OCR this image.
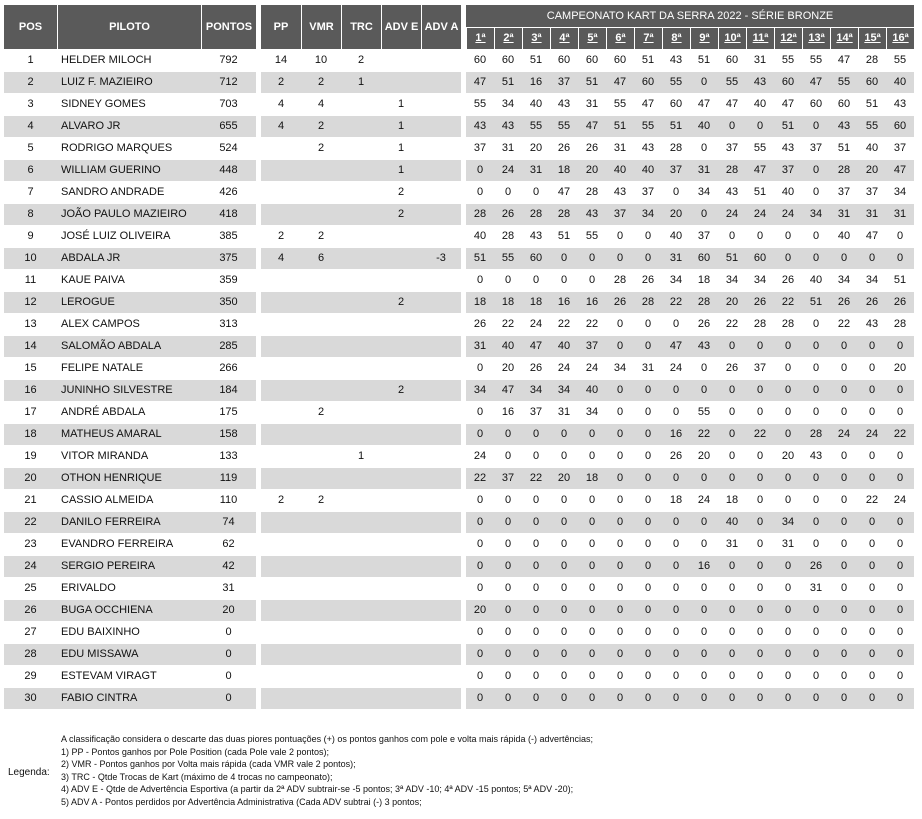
POS	PILOTO	PONTOS		PP	VMR	TRC	ADV E	ADV A		CAMPEONATO KART DA SERRA 2022 - SÉRIE BRONZE															
										1ª	2ª	3ª	4ª	5ª	6ª	7ª	8ª	9ª	10ª	11ª	12ª	13ª	14ª	15ª	16ª
1	HELDER MILOCH	792		14	10	2				60	60	51	60	60	60	51	43	51	60	31	55	55	47	28	55
2	LUIZ F. MAZIEIRO	712		2	2	1				47	51	16	37	51	47	60	55	0	55	43	60	47	55	60	40
3	SIDNEY GOMES	703		4	4		1			55	34	40	43	31	55	47	60	47	47	40	47	60	60	51	43
4	ALVARO JR	655		4	2		1			43	43	55	55	47	51	55	51	40	0	0	51	0	43	55	60
5	RODRIGO MARQUES	524			2		1			37	31	20	26	26	31	43	28	0	37	55	43	37	51	40	37
6	WILLIAM GUERINO	448					1			0	24	31	18	20	40	40	37	31	28	47	37	0	28	20	47
7	SANDRO ANDRADE	426					2			0	0	0	47	28	43	37	0	34	43	51	40	0	37	37	34
8	JOÃO PAULO MAZIEIRO	418					2			28	26	28	28	43	37	34	20	0	24	24	24	34	31	31	31
9	JOSÉ LUIZ OLIVEIRA	385		2	2					40	28	43	51	55	0	0	40	37	0	0	0	0	40	47	0
10	ABDALA JR	375		4	6			-3		51	55	60	0	0	0	0	31	60	51	60	0	0	0	0	0
11	KAUE PAIVA	359								0	0	0	0	0	28	26	34	18	34	34	26	40	34	34	51
12	LEROGUE	350					2			18	18	18	16	16	26	28	22	28	20	26	22	51	26	26	26
13	ALEX CAMPOS	313								26	22	24	22	22	0	0	0	26	22	28	28	0	22	43	28
14	SALOMÃO ABDALA	285								31	40	47	40	37	0	0	47	43	0	0	0	0	0	0	0
15	FELIPE NATALE	266								0	20	26	24	24	34	31	24	0	26	37	0	0	0	0	20
16	JUNINHO SILVESTRE	184					2			34	47	34	34	40	0	0	0	0	0	0	0	0	0	0	0
17	ANDRÉ ABDALA	175			2					0	16	37	31	34	0	0	0	55	0	0	0	0	0	0	0
18	MATHEUS AMARAL	158								0	0	0	0	0	0	0	16	22	0	22	0	28	24	24	22
19	VITOR MIRANDA	133				1				24	0	0	0	0	0	0	26	20	0	0	20	43	0	0	0
20	OTHON HENRIQUE	119								22	37	22	20	18	0	0	0	0	0	0	0	0	0	0	0
21	CASSIO ALMEIDA	110		2	2					0	0	0	0	0	0	0	18	24	18	0	0	0	0	22	24
22	DANILO FERREIRA	74								0	0	0	0	0	0	0	0	0	40	0	34	0	0	0	0
23	EVANDRO FERREIRA	62								0	0	0	0	0	0	0	0	0	31	0	31	0	0	0	0
24	SERGIO PEREIRA	42								0	0	0	0	0	0	0	0	16	0	0	0	26	0	0	0
25	ERIVALDO	31								0	0	0	0	0	0	0	0	0	0	0	0	31	0	0	0
26	BUGA OCCHIENA	20								20	0	0	0	0	0	0	0	0	0	0	0	0	0	0	0
27	EDU BAIXINHO	0								0	0	0	0	0	0	0	0	0	0	0	0	0	0	0	0
28	EDU MISSAWA	0								0	0	0	0	0	0	0	0	0	0	0	0	0	0	0	0
29	ESTEVAM VIRAGT	0								0	0	0	0	0	0	0	0	0	0	0	0	0	0	0	0
30	FABIO CINTRA	0								0	0	0	0	0	0	0	0	0	0	0	0	0	0	0	0
Legenda:
A classificação considera o descarte das duas piores pontuações (+) os pontos ganhos com pole e volta mais rápida (-) advertências;
1) PP - Pontos ganhos por Pole Position (cada Pole vale 2 pontos);
2) VMR - Pontos ganhos por Volta mais rápida (cada VMR vale 2 pontos);
3) TRC - Qtde Trocas de Kart (máximo de 4 trocas no campeonato);
4) ADV E - Qtde de Advertência Esportiva (a partir da 2ª ADV subtrair-se -5 pontos; 3ª ADV -10; 4ª ADV -15 pontos; 5ª ADV -20);
5) ADV A - Pontos perdidos por Advertência Administrativa (Cada ADV subtrai (-) 3 pontos;
